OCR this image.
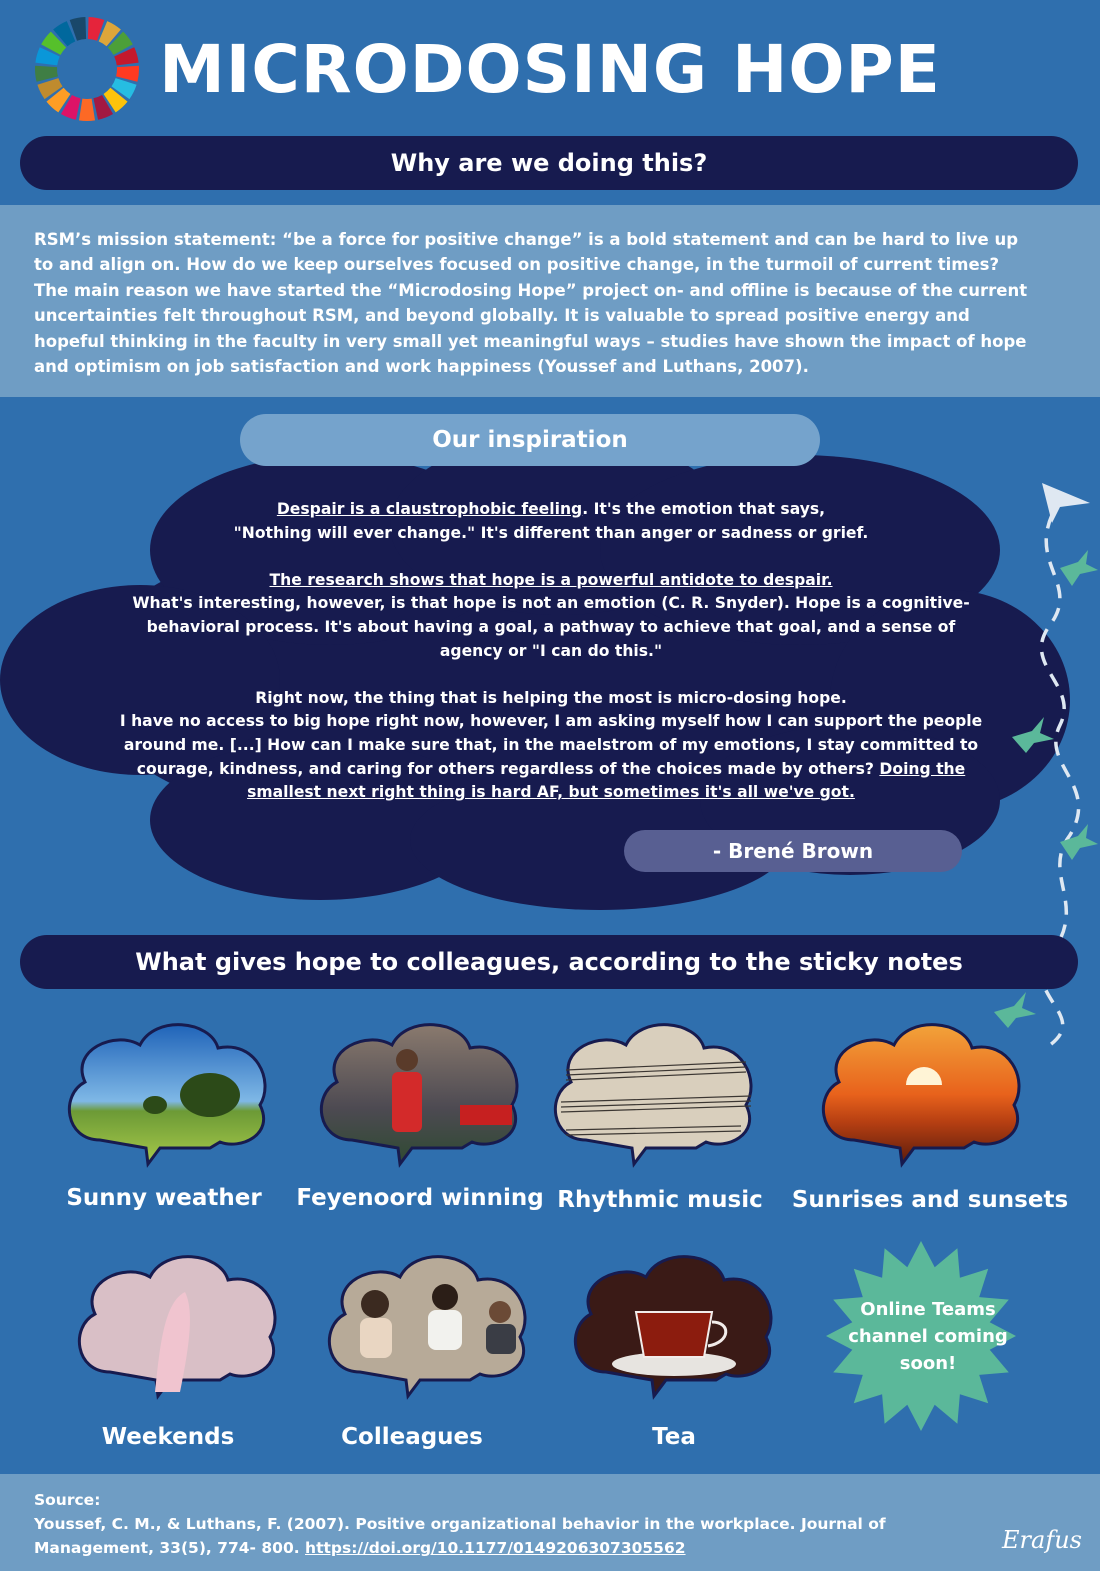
MICRODOSING HOPE
Why are we doing this?

RSM’s mission statement: “be a force for positive change” is a bold statement and can be hard to live up to and align on. How do we keep ourselves focused on positive change, in the turmoil of current times? The main reason we have started the “Microdosing Hope” project on- and offline is because of the current uncertainties felt throughout RSM, and beyond globally. It is valuable to spread positive energy and hopeful thinking in the faculty in very small yet meaningful ways – studies have shown the impact of hope and optimism on job satisfaction and work happiness (Youssef and Luthans, 2007).

Our inspiration
Despair is a claustrophobic feeling. It's the emotion that says,
"Nothing will ever change." It's different than anger or sadness or grief.
The research shows that hope is a powerful antidote to despair.
What's interesting, however, is that hope is not an emotion (C. R. Snyder). Hope is a cognitive-behavioral process. It's about having a goal, a pathway to achieve that goal, and a sense of agency or "I can do this."
Right now, the thing that is helping the most is micro-dosing hope.
I have no access to big hope right now, however, I am asking myself how I can support the people around me. [...] How can I make sure that, in the maelstrom of my emotions, I stay committed to courage, kindness, and caring for others regardless of the choices made by others? Doing the smallest next right thing is hard AF, but sometimes it's all we've got.
- Brené Brown
What gives hope to colleagues, according to the sticky notes
Sunny weather	Feyenoord winning Rhythmic music	Sunrises and sunsets
Online Teams channel coming soon!
Weekends	Colleagues	Tea
Source:
Youssef, C. M., & Luthans, F. (2007). Positive organizational behavior in the workplace. Journal of Management, 33(5), 774- 800. https://doi.org/10.1177/0149206307305562	Erafus
